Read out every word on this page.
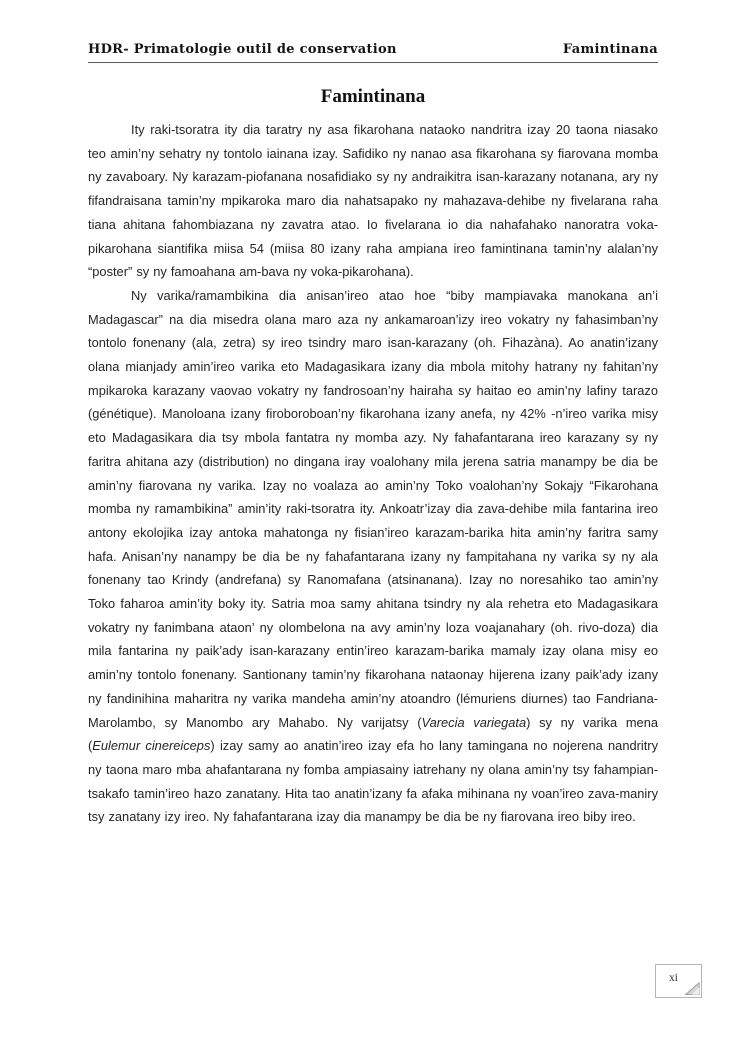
HDR- Primatologie outil de conservation	Famintinana
Famintinana

Ity raki-tsoratra ity dia taratry ny asa fikarohana nataoko nandritra izay 20 taona niasako teo amin’ny sehatry ny tontolo iainana izay. Safidiko ny nanao asa fikarohana sy fiarovana momba ny zavaboary. Ny karazam-piofanana nosafidiako sy ny andraikitra isan-karazany notanana, ary ny fifandraisana tamin’ny mpikaroka maro dia nahatsapako ny mahazava-dehibe ny fivelarana raha tiana ahitana fahombiazana ny zavatra atao. Io fivelarana io dia nahafahako nanoratra voka-pikarohana siantifika miisa 54 (miisa 80 izany raha ampiana ireo famintinana tamin’ny alalan’ny “poster” sy ny famoahana am-bava ny voka-pikarohana).

Ny varika/ramambikina dia anisan’ireo atao hoe “biby mampiavaka manokana an’i Madagascar” na dia misedra olana maro aza ny ankamaroan’izy ireo vokatry ny fahasimban’ny tontolo fonenany (ala, zetra) sy ireo tsindry maro isan-karazany (oh. Fihazàna). Ao anatin’izany olana mianjady amin’ireo varika eto Madagasikara izany dia mbola mitohy hatrany ny fahitan’ny mpikaroka karazany vaovao vokatry ny fandrosoan’ny hairaha sy haitao eo amin’ny lafiny tarazo (génétique). Manoloana izany firoboroboan’ny fikarohana izany anefa, ny 42% -n’ireo varika misy eto Madagasikara dia tsy mbola fantatra ny momba azy. Ny fahafantarana ireo karazany sy ny faritra ahitana azy (distribution) no dingana iray voalohany mila jerena satria manampy be dia be amin’ny fiarovana ny varika. Izay no voalaza ao amin’ny Toko voalohan’ny Sokajy “Fikarohana momba ny ramambikina” amin’ity raki-tsoratra ity. Ankoatr’izay dia zava-dehibe mila fantarina ireo antony ekolojika izay antoka mahatonga ny fisian’ireo karazam-barika hita amin’ny faritra samy hafa. Anisan’ny nanampy be dia be ny fahafantarana izany ny fampitahana ny varika sy ny ala fonenany tao Krindy (andrefana) sy Ranomafana (atsinanana). Izay no noresahiko tao amin’ny Toko faharoa amin’ity boky ity. Satria moa samy ahitana tsindry ny ala rehetra eto Madagasikara vokatry ny fanimbana ataon’ ny olombelona na avy amin’ny loza voajanahary (oh. rivo-doza) dia mila fantarina ny paik’ady isan-karazany entin’ireo karazam-barika mamaly izay olana misy eo amin’ny tontolo fonenany. Santionany tamin’ny fikarohana nataonay hijerena izany paik’ady izany ny fandinihina maharitra ny varika mandeha amin’ny atoandro (lémuriens diurnes) tao Fandriana-Marolambo, sy Manombo ary Mahabo. Ny varijatsy (Varecia variegata) sy ny varika mena (Eulemur cinereiceps) izay samy ao anatin’ireo izay efa ho lany tamingana no nojerena nandritry ny taona maro mba ahafantarana ny fomba ampiasainy iatrehany ny olana amin’ny tsy fahampian-tsakafo tamin’ireo hazo zanatany. Hita tao anatin’izany fa afaka mihinana ny voan’ireo zava-maniry tsy zanatany izy ireo. Ny fahafantarana izay dia manampy be dia be ny fiarovana ireo biby ireo.

xi
